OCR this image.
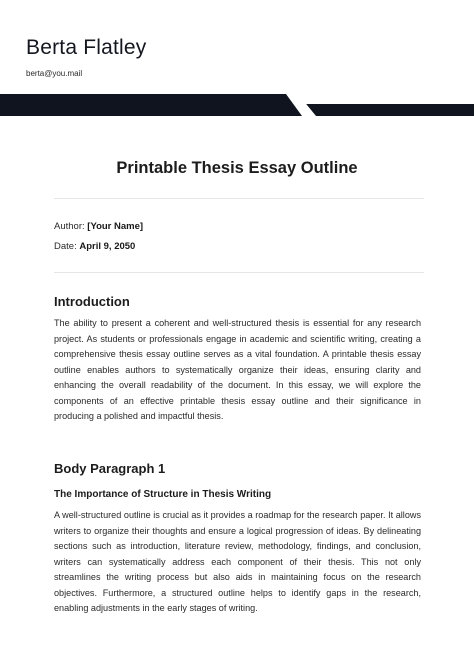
Berta Flatley
berta@you.mail
Printable Thesis Essay Outline
Author: [Your Name]
Date: April 9, 2050
Introduction

The ability to present a coherent and well-structured thesis is essential for any research project. As students or professionals engage in academic and scientific writing, creating a comprehensive thesis essay outline serves as a vital foundation. A printable thesis essay outline enables authors to systematically organize their ideas, ensuring clarity and enhancing the overall readability of the document. In this essay, we will explore the components of an effective printable thesis essay outline and their significance in producing a polished and impactful thesis.

Body Paragraph 1
The Importance of Structure in Thesis Writing

A well-structured outline is crucial as it provides a roadmap for the research paper. It allows writers to organize their thoughts and ensure a logical progression of ideas. By delineating sections such as introduction, literature review, methodology, findings, and conclusion, writers can systematically address each component of their thesis. This not only streamlines the writing process but also aids in maintaining focus on the research objectives. Furthermore, a structured outline helps to identify gaps in the research, enabling adjustments in the early stages of writing.
